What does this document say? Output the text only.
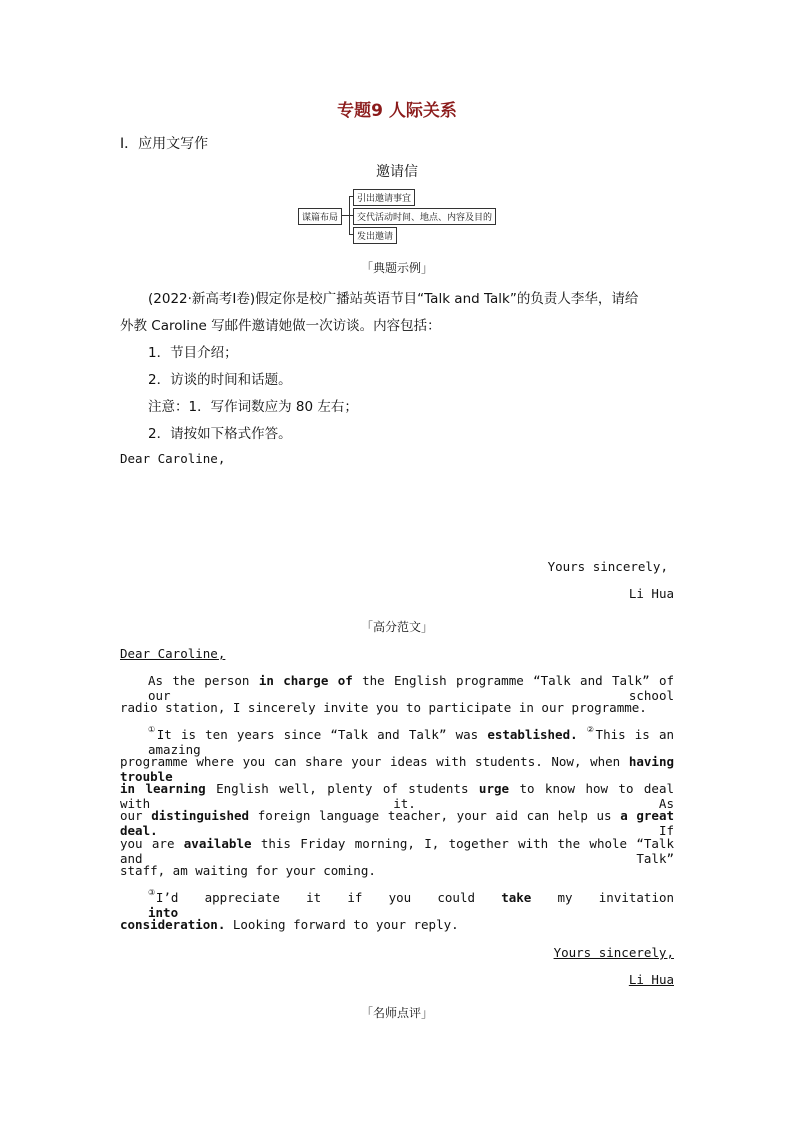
专题9 人际关系
Ⅰ．应用文写作
邀请信
谋篇布局
引出邀请事宜
交代活动时间、地点、内容及目的
发出邀请
「典题示例」
(2022·新高考Ⅰ卷)假定你是校广播站英语节目“Talk and Talk”的负责人李华，请给
外教 Caroline 写邮件邀请她做一次访谈。内容包括：
1．节目介绍；
2．访谈的时间和话题。
注意：1．写作词数应为 80 左右；
2．请按如下格式作答。
Dear Caroline,
Yours sincerely,
Li Hua
「高分范文」
Dear Caroline,
As the person in charge of the English programme “Talk and Talk” of our school
radio station, I sincerely invite you to participate in our programme.
①It is ten years since “Talk and Talk” was established. ②This is an amazing
programme where you can share your ideas with students. Now, when having trouble
in learning English well, plenty of students urge to know how to deal with it. As
our distinguished foreign language teacher, your aid can help us a great deal. If
you are available this Friday morning, I, together with the whole “Talk and Talk”
staff, am waiting for your coming.
③I’d appreciate it if you could take my invitation into
consideration. Looking forward to your reply.
Yours sincerely,
Li Hua
「名师点评」
